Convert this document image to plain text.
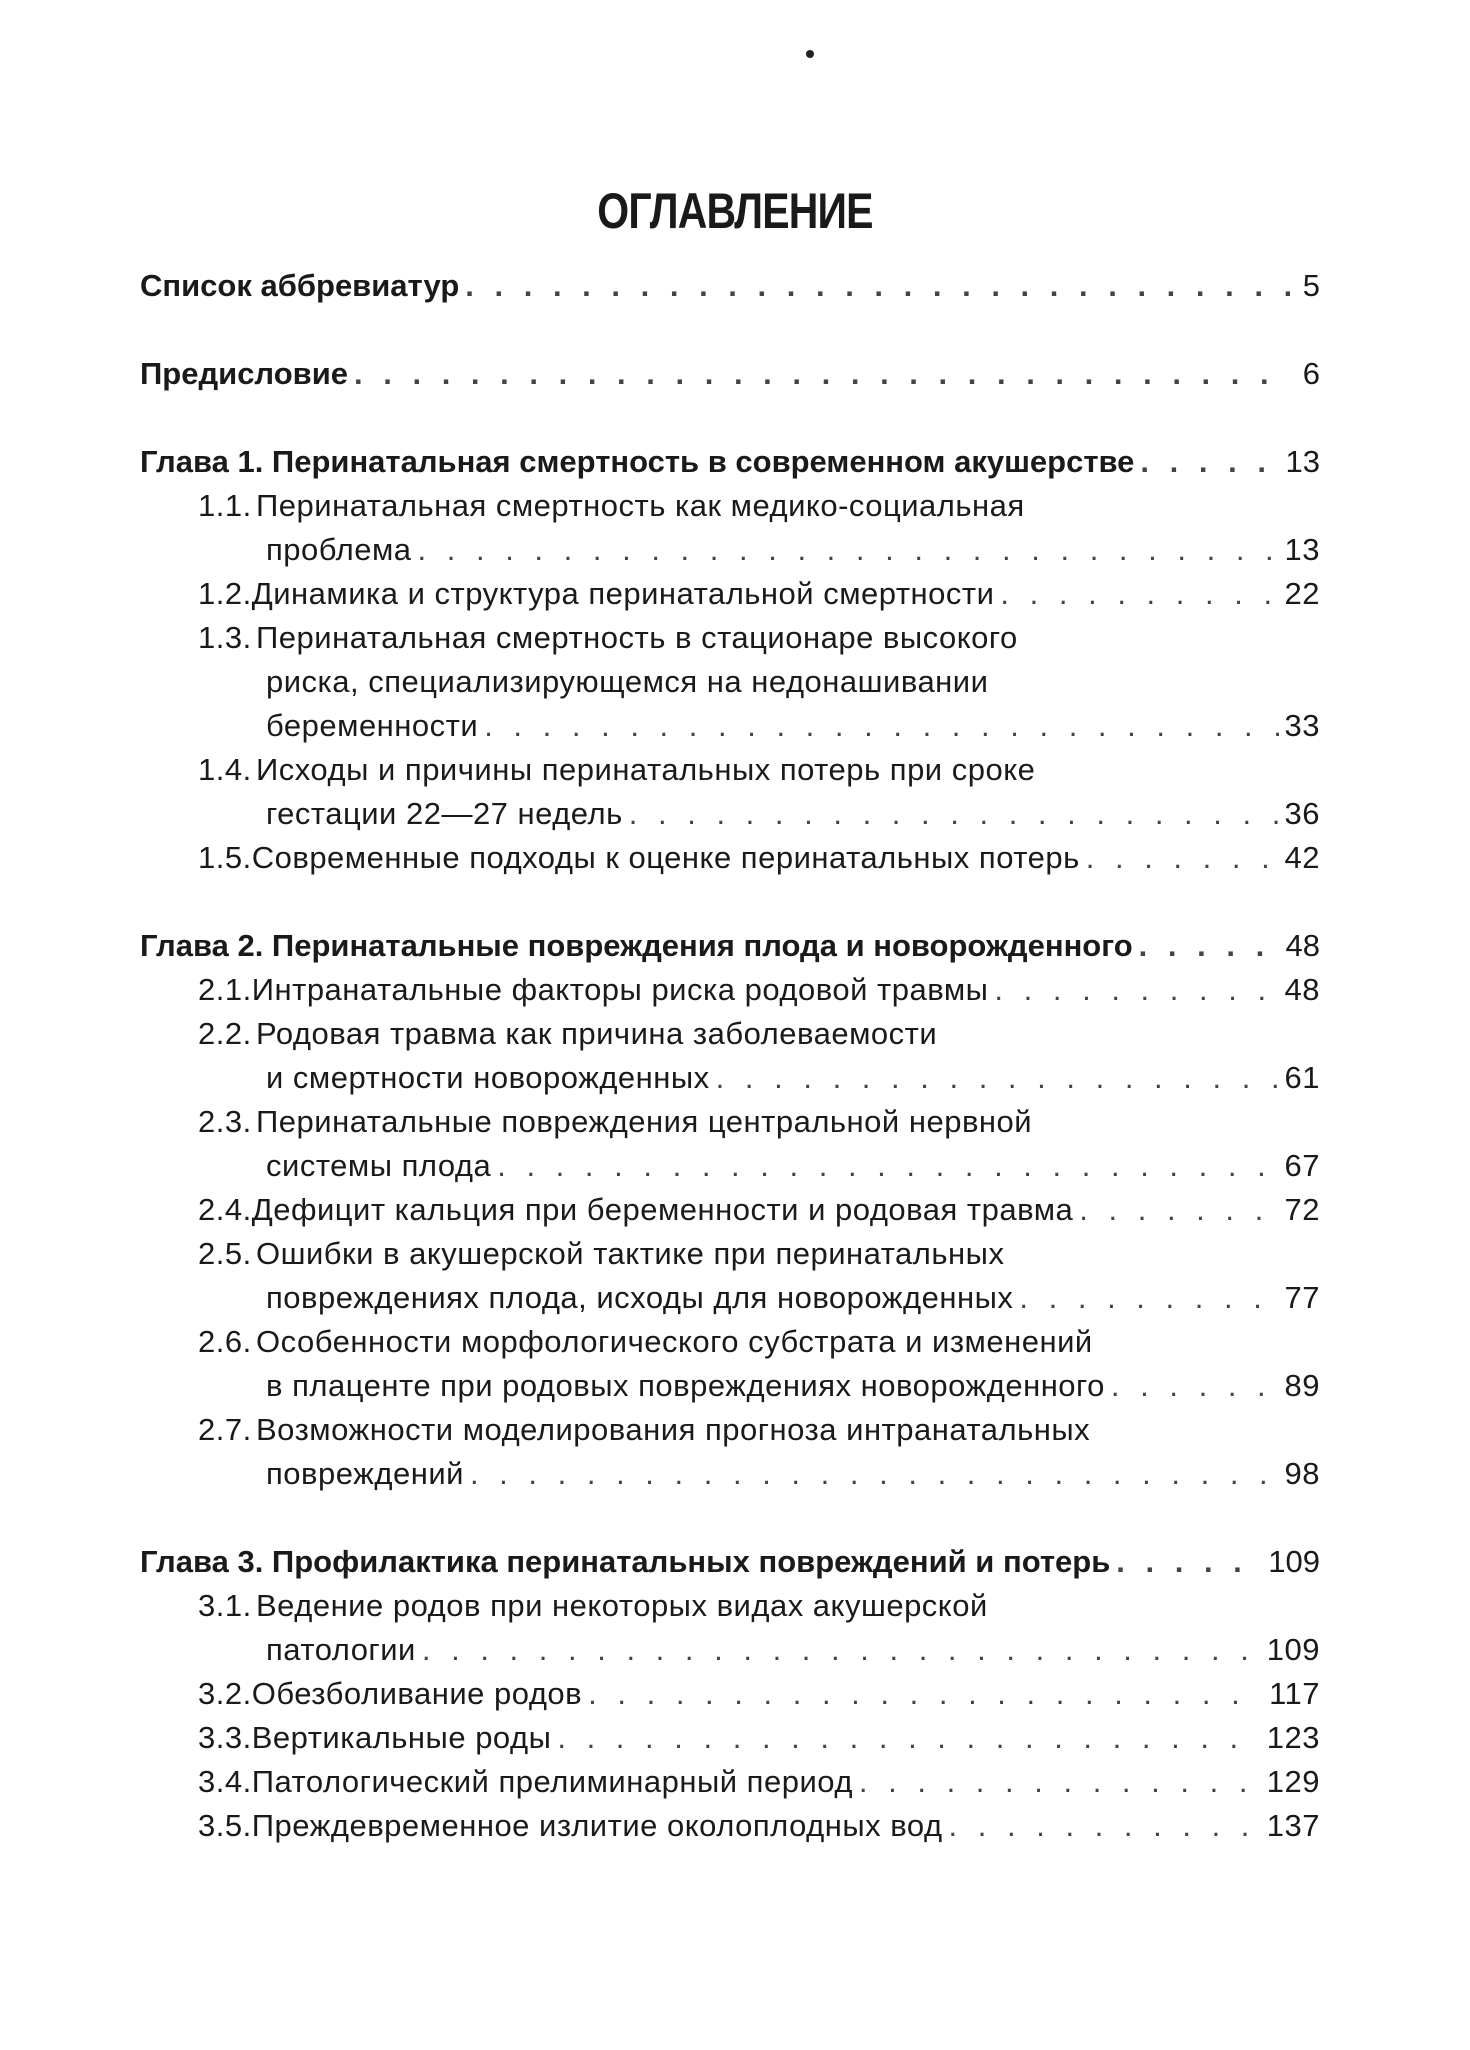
ОГЛАВЛЕНИЕ
Список аббревиатур . . .	5
Предисловие . . .	6
Глава 1. Перинатальная смертность в современном акушерстве . . .	13
1.1. Перинатальная смертность как медико-социальная
проблема . . .	13
1.2. Динамика и структура перинатальной смертности . . .	22
1.3. Перинатальная смертность в стационаре высокого
риска, специализирующемся на недонашивании
беременности . . .	33
1.4. Исходы и причины перинатальных потерь при сроке
гестации 22—27 недель . . .	36
1.5. Современные подходы к оценке перинатальных потерь . . .	42
Глава 2. Перинатальные повреждения плода и новорожденного . . .	48
2.1. Интранатальные факторы риска родовой травмы . . .	48
2.2. Родовая травма как причина заболеваемости
и смертности новорожденных . . .	61
2.3. Перинатальные повреждения центральной нервной
системы плода . . .	67
2.4. Дефицит кальция при беременности и родовая травма . . .	72
2.5. Ошибки в акушерской тактике при перинатальных
повреждениях плода, исходы для новорожденных . . .	77
2.6. Особенности морфологического субстрата и изменений
в плаценте при родовых повреждениях новорожденного . . .	89
2.7. Возможности моделирования прогноза интранатальных
повреждений . . .	98
Глава 3. Профилактика перинатальных повреждений и потерь . . .	109
3.1. Ведение родов при некоторых видах акушерской
патологии . . .	109
3.2. Обезболивание родов . . .	117
3.3. Вертикальные роды . . .	123
3.4. Патологический прелиминарный период . . .	129
3.5. Преждевременное излитие околоплодных вод . . .	137
